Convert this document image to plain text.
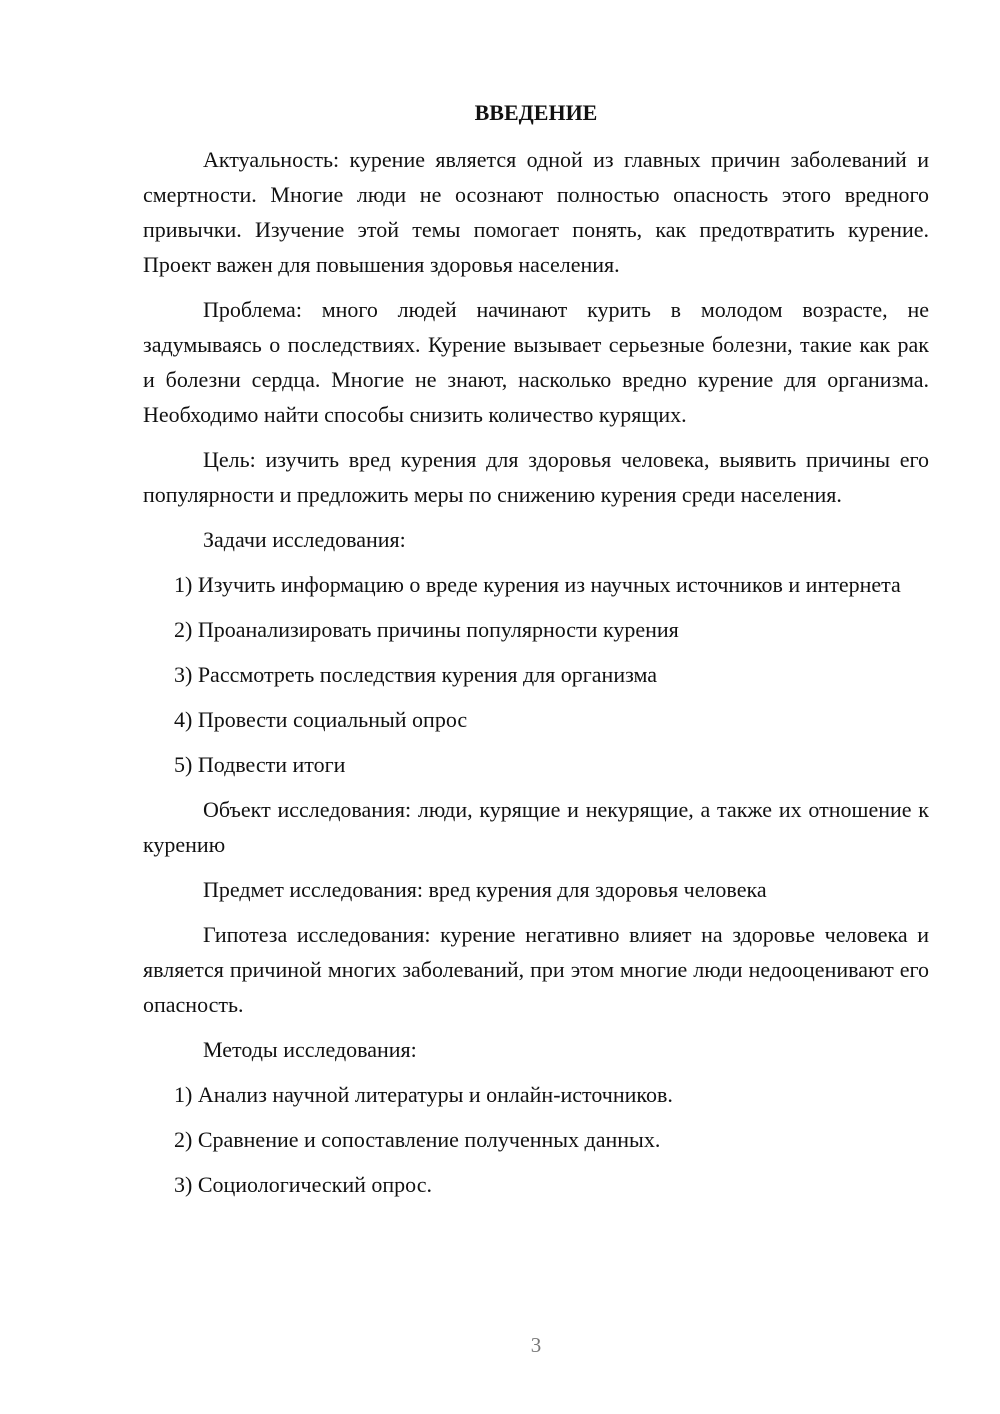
ВВЕДЕНИЕ

Актуальность: курение является одной из главных причин заболеваний и смертности. Многие люди не осознают полностью опасность этого вредного привычки. Изучение этой темы помогает понять, как предотвратить курение. Проект важен для повышения здоровья населения.

Проблема: много людей начинают курить в молодом возрасте, не задумываясь о последствиях. Курение вызывает серьезные болезни, такие как рак и болезни сердца. Многие не знают, насколько вредно курение для организма. Необходимо найти способы снизить количество курящих.

Цель: изучить вред курения для здоровья человека, выявить причины его популярности и предложить меры по снижению курения среди населения.

Задачи исследования:

1) Изучить информацию о вреде курения из научных источников и интернета

2) Проанализировать причины популярности курения

3) Рассмотреть последствия курения для организма

4) Провести социальный опрос

5) Подвести итоги

Объект исследования: люди, курящие и некурящие, а также их отношение к курению

Предмет исследования: вред курения для здоровья человека

Гипотеза исследования: курение негативно влияет на здоровье человека и является причиной многих заболеваний, при этом многие люди недооценивают его опасность.

Методы исследования:

1) Анализ научной литературы и онлайн-источников.

2) Сравнение и сопоставление полученных данных.

3) Социологический опрос.

3
